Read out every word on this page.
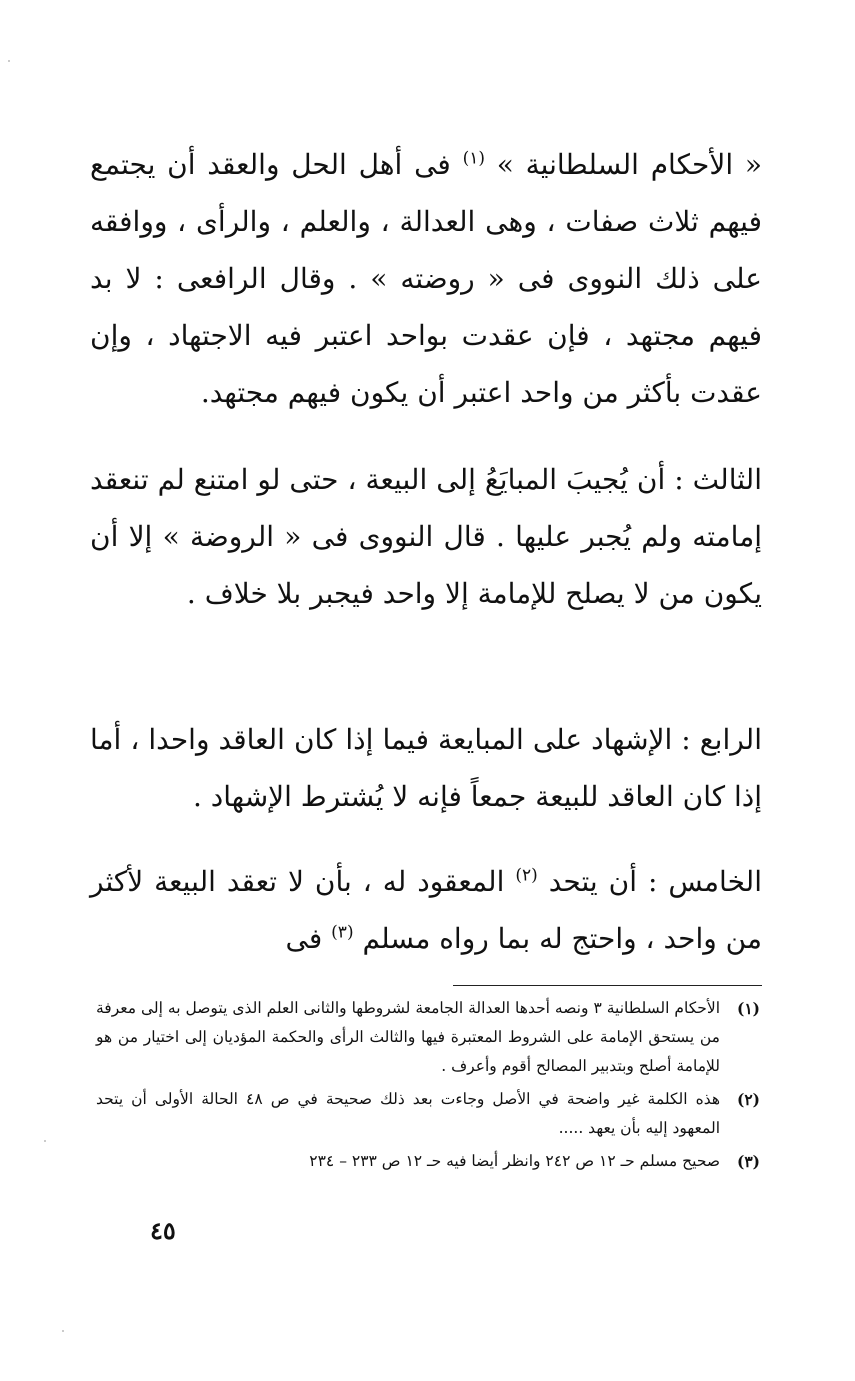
« الأحكام السلطانية » $^{(١)}$ فى أهل الحل والعقد أن يجتمع فيهم ثلاث صفات ، وهى العدالة ، والعلم ، والرأى ، ووافقه على ذلك النووى فى « روضته » . وقال الرافعى : لا بد فيهم مجتهد ، فإن عقدت بواحد اعتبر فيه الاجتهاد ، وإن عقدت بأكثر من واحد اعتبر أن يكون فيهم مجتهد.
الثالث : أن يُجيبَ المبايَعُ إلى البيعة ، حتى لو امتنع لم تنعقد إمامته ولم يُجبر عليها . قال النووى فى « الروضة » إلا أن يكون من لا يصلح للإمامة إلا واحد فيجبر بلا خلاف .
الرابع : الإشهاد على المبايعة فيما إذا كان العاقد واحدا ، أما إذا كان العاقد للبيعة جمعاً فإنه لا يُشترط الإشهاد .
الخامس : أن يتحد $^{(٢)}$ المعقود له ، بأن لا تعقد البيعة لأكثر من واحد ، واحتج له بما رواه مسلم $^{(٣)}$ فى
(١)
الأحكام السلطانية ٣ ونصه أحدها العدالة الجامعة لشروطها والثانى العلم الذى يتوصل به إلى معرفة من يستحق الإمامة على الشروط المعتبرة فيها والثالث الرأى والحكمة المؤديان إلى اختيار من هو للإمامة أصلح وبتدبير المصالح أقوم وأعرف .
(٢)
هذه الكلمة غير واضحة في الأصل وجاءت بعد ذلك صحيحة في ص ٤٨ الحالة الأولى أن يتحد المعهود إليه بأن يعهد .....
(٣)
صحيح مسلم حـ ١٢ ص ٢٤٢ وانظر أيضا فيه حـ ١٢ ص ٢٣٣ – ٢٣٤
٤٥
